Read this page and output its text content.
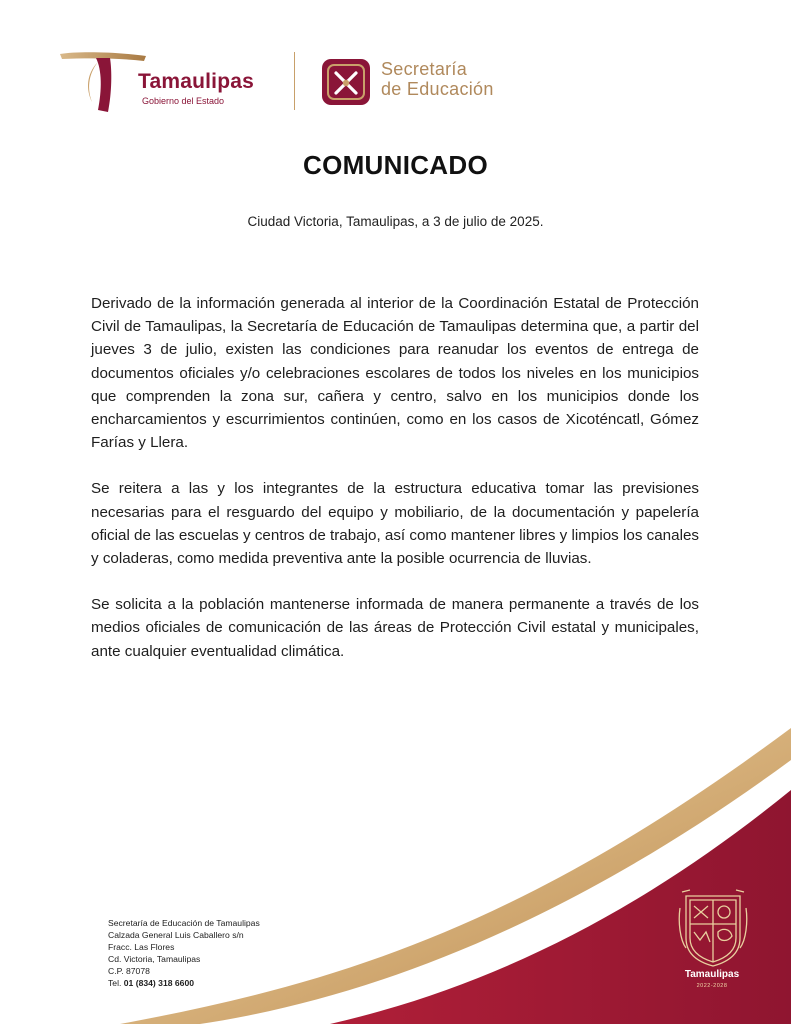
Tamaulipas
Gobierno del Estado
Secretaría
de Educación
COMUNICADO
Ciudad Victoria, Tamaulipas, a 3 de julio de 2025.

Derivado de la información generada al interior de la Coordinación Estatal de Protección Civil de Tamaulipas, la Secretaría de Educación de Tamaulipas determina que, a partir del jueves 3 de julio, existen las condiciones para reanudar los eventos de entrega de documentos oficiales y/o celebraciones escolares de todos los niveles en los municipios que comprenden la zona sur, cañera y centro, salvo en los municipios donde los encharcamientos y escurrimientos continúen, como en los casos de Xicoténcatl, Gómez Farías y Llera.

Se reitera a las y los integrantes de la estructura educativa tomar las previsiones necesarias para el resguardo del equipo y mobiliario, de la documentación y papelería oficial de las escuelas y centros de trabajo, así como mantener libres y limpios los canales y coladeras, como medida preventiva ante la posible ocurrencia de lluvias.

Se solicita a la población mantenerse informada de manera permanente a través de los medios oficiales de comunicación de las áreas de Protección Civil estatal y municipales, ante cualquier eventualidad climática.

Secretaría de Educación de Tamaulipas
Calzada General Luis Caballero s/n
Fracc. Las Flores
Cd. Victoria, Tamaulipas
C.P. 87078
Tel. 01 (834) 318 6600
Tamaulipas
2022-2028
